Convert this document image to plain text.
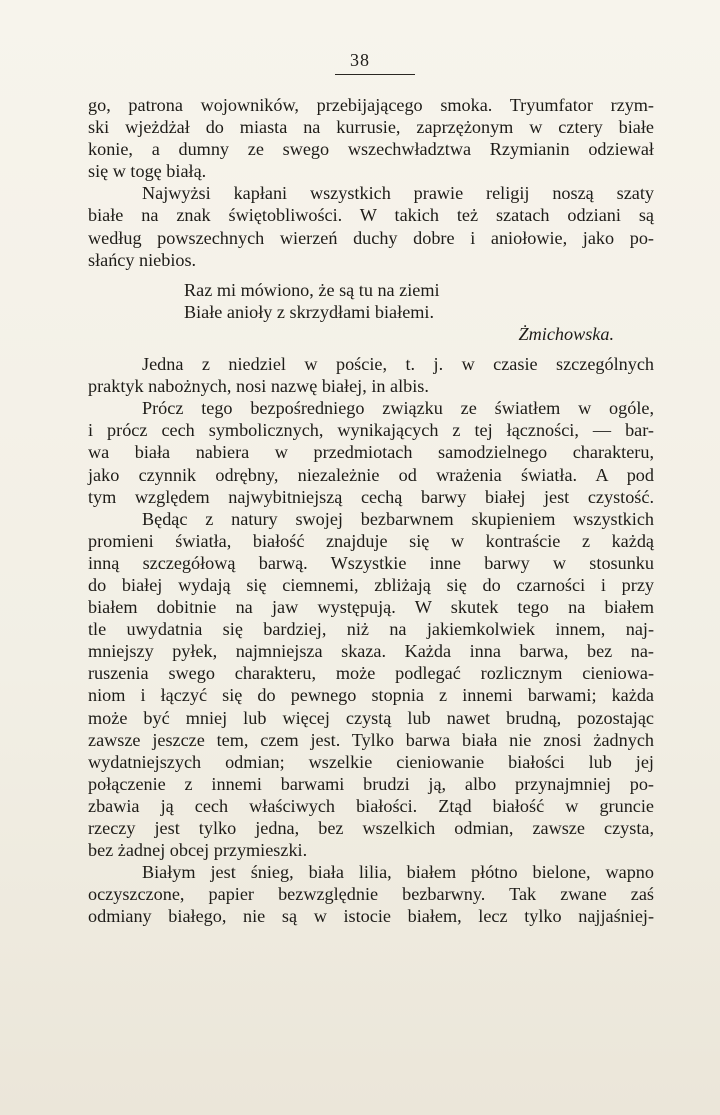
38
go, patrona wojowników, przebijającego smoka. Tryumfator rzym-
ski wjeżdżał do miasta na kurrusie, zaprzężonym w cztery białe
konie, a dumny ze swego wszechwładztwa Rzymianin odziewał
się w togę białą.
Najwyżsi kapłani wszystkich prawie religij noszą szaty
białe na znak świętobliwości. W takich też szatach odziani są
według powszechnych wierzeń duchy dobre i aniołowie, jako po-
słańcy niebios.
Raz mi mówiono, że są tu na ziemi
Białe anioły z skrzydłami białemi.
Żmichowska.
Jedna z niedziel w poście, t. j. w czasie szczególnych
praktyk nabożnych, nosi nazwę białej, in albis.
Prócz tego bezpośredniego związku ze światłem w ogóle,
i prócz cech symbolicznych, wynikających z tej łączności, — bar-
wa biała nabiera w przedmiotach samodzielnego charakteru,
jako czynnik odrębny, niezależnie od wrażenia światła. A pod
tym względem najwybitniejszą cechą barwy białej jest czystość.
Będąc z natury swojej bezbarwnem skupieniem wszystkich
promieni światła, białość znajduje się w kontraście z każdą
inną szczegółową barwą. Wszystkie inne barwy w stosunku
do białej wydają się ciemnemi, zbliżają się do czarności i przy
białem dobitnie na jaw występują. W skutek tego na białem
tle uwydatnia się bardziej, niż na jakiemkolwiek innem, naj-
mniejszy pyłek, najmniejsza skaza. Każda inna barwa, bez na-
ruszenia swego charakteru, może podlegać rozlicznym cieniowa-
niom i łączyć się do pewnego stopnia z innemi barwami; każda
może być mniej lub więcej czystą lub nawet brudną, pozostając
zawsze jeszcze tem, czem jest. Tylko barwa biała nie znosi żadnych
wydatniejszych odmian; wszelkie cieniowanie białości lub jej
połączenie z innemi barwami brudzi ją, albo przynajmniej po-
zbawia ją cech właściwych białości. Ztąd białość w gruncie
rzeczy jest tylko jedna, bez wszelkich odmian, zawsze czysta,
bez żadnej obcej przymieszki.
Białym jest śnieg, biała lilia, białem płótno bielone, wapno
oczyszczone, papier bezwzględnie bezbarwny. Tak zwane zaś
odmiany białego, nie są w istocie białem, lecz tylko najjaśniej-
